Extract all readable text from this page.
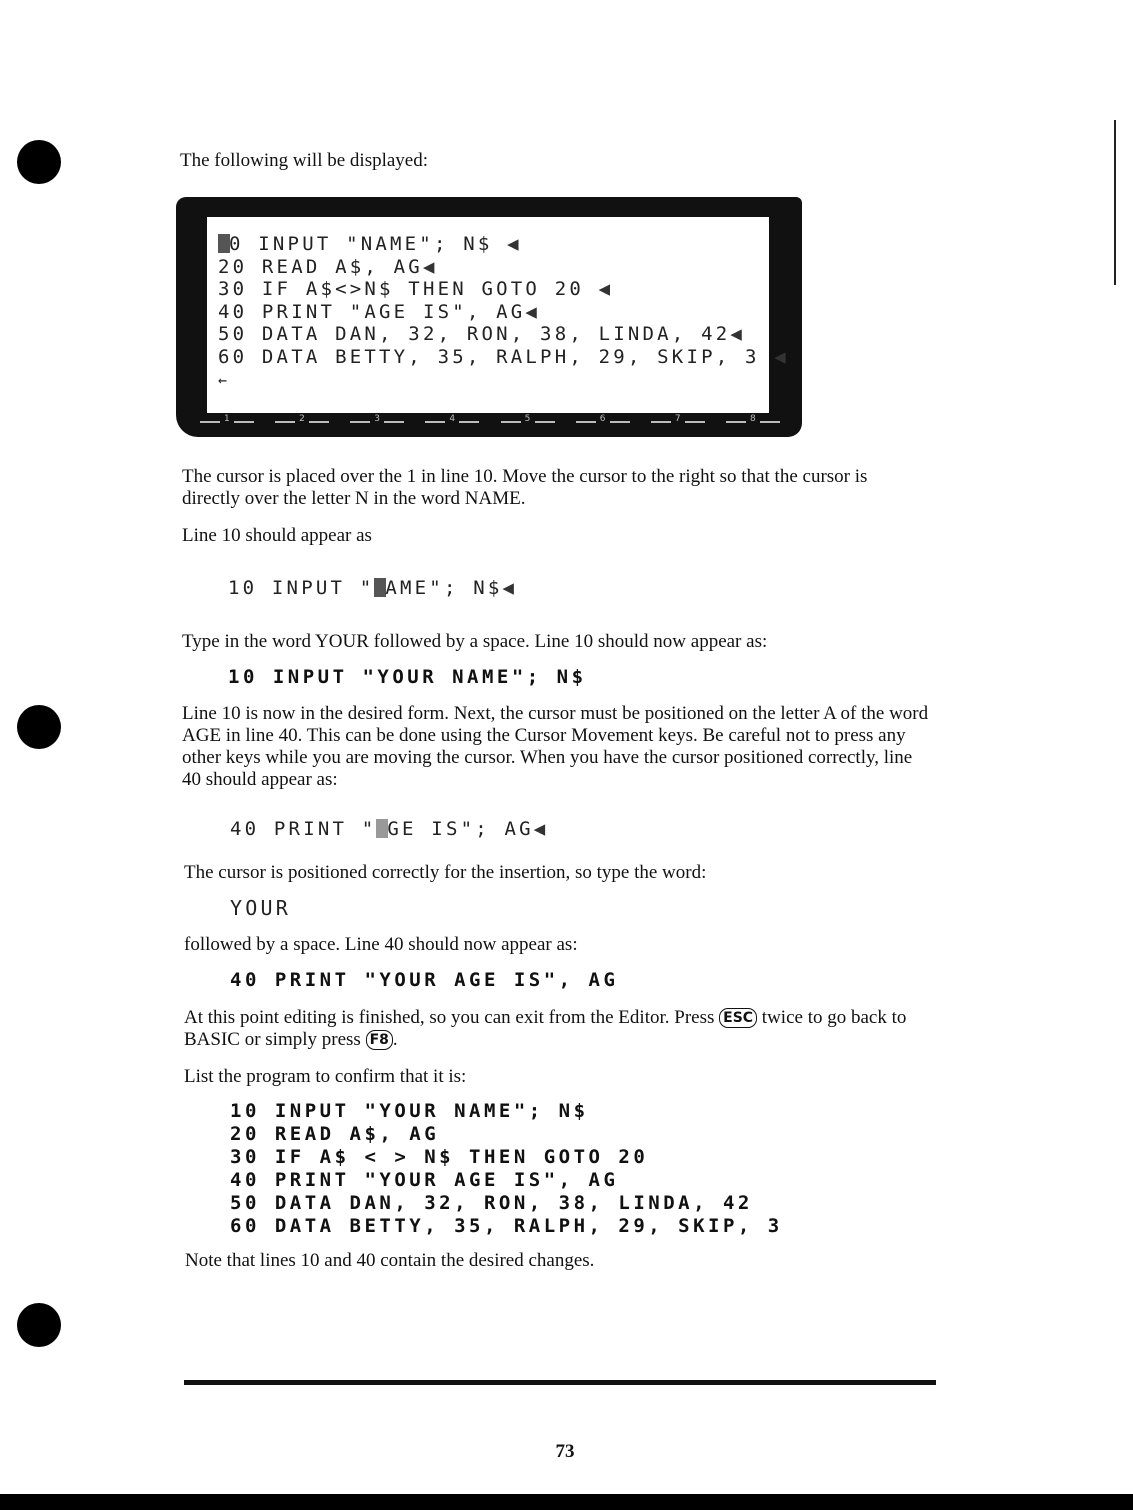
The following will be displayed:
0 INPUT "NAME"; N$ ◀
20 READ A$, AG◀
30 IF A$<>N$ THEN GOTO 20 ◀
40 PRINT "AGE IS", AG◀
50 DATA DAN, 32, RON, 38, LINDA, 42◀
60 DATA BETTY, 35, RALPH, 29, SKIP, 3 ◀
←
1	2	3	4	5	6	7	8
The cursor is placed over the 1 in line 10. Move the cursor to the right so that the cursor is directly over the letter N in the word NAME.
Line 10 should appear as
10 INPUT " AME"; N$◀
Type in the word YOUR followed by a space. Line 10 should now appear as:
10 INPUT "YOUR NAME"; N$
Line 10 is now in the desired form. Next, the cursor must be positioned on the letter A of the word AGE in line 40. This can be done using the Cursor Movement keys. Be careful not to press any other keys while you are moving the cursor. When you have the cursor positioned correctly, line 40 should appear as:
40 PRINT " GE IS"; AG◀
The cursor is positioned correctly for the insertion, so type the word:
YOUR
followed by a space. Line 40 should now appear as:
40 PRINT "YOUR AGE IS", AG
At this point editing is finished, so you can exit from the Editor. Press ESC twice to go back to BASIC or simply press F8 .
List the program to confirm that it is:
10 INPUT "YOUR NAME"; N$
20 READ A$, AG
30 IF A$ < > N$ THEN GOTO 20
40 PRINT "YOUR AGE IS", AG
50 DATA DAN, 32, RON, 38, LINDA, 42
60 DATA BETTY, 35, RALPH, 29, SKIP, 3
Note that lines 10 and 40 contain the desired changes.
73
